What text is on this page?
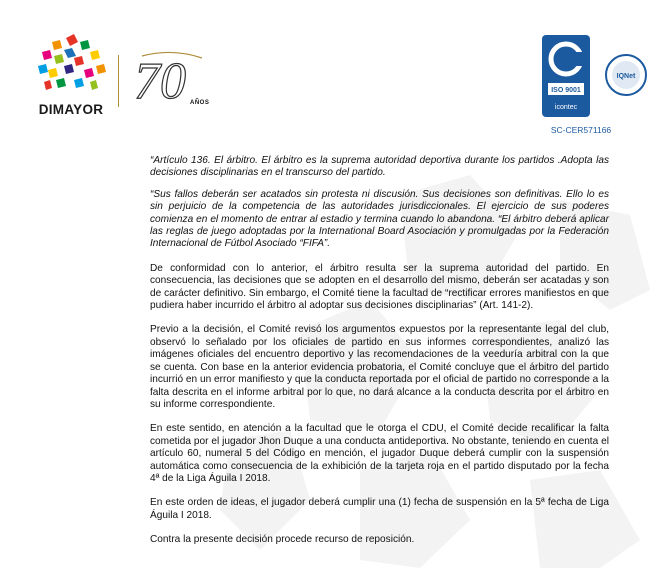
DIMAYOR 70 AÑOS
ISO 9001
icontec
IQNet
SC-CER571166

“Artículo 136. El árbitro. El árbitro es la suprema autoridad deportiva durante los partidos .Adopta las decisiones disciplinarias en el transcurso del partido.

“Sus fallos deberán ser acatados sin protesta ni discusión. Sus decisiones son definitivas. Ello lo es sin perjuicio de la competencia de las autoridades jurisdiccionales. El ejercicio de sus poderes comienza en el momento de entrar al estadio y termina cuando lo abandona. “El árbitro deberá aplicar las reglas de juego adoptadas por la International Board Asociación y promulgadas por la Federación Internacional de Fútbol Asociado “FIFA”.

De conformidad con lo anterior, el árbitro resulta ser la suprema autoridad del partido. En consecuencia, las decisiones que se adopten en el desarrollo del mismo, deberán ser acatadas y son de carácter definitivo. Sin embargo, el Comité tiene la facultad de “rectificar errores manifiestos en que pudiera haber incurrido el árbitro al adoptar sus decisiones disciplinarias” (Art. 141-2).

Previo a la decisión, el Comité revisó los argumentos expuestos por la representante legal del club, observó lo señalado por los oficiales de partido en sus informes correspondientes, analizó las imágenes oficiales del encuentro deportivo y las recomendaciones de la veeduría arbitral con la que se cuenta. Con base en la anterior evidencia probatoria, el Comité concluye que el árbitro del partido incurrió en un error manifiesto y que la conducta reportada por el oficial de partido no corresponde a la falta descrita en el informe arbitral por lo que, no dará alcance a la conducta descrita por el árbitro en su informe correspondiente.

En este sentido, en atención a la facultad que le otorga el CDU, el Comité decide recalificar la falta cometida por el jugador Jhon Duque a una conducta antideportiva. No obstante, teniendo en cuenta el artículo 60, numeral 5 del Código en mención, el jugador Duque deberá cumplir con la suspensión automática como consecuencia de la exhibición de la tarjeta roja en el partido disputado por la fecha 4ª de la Liga Águila I 2018.

En este orden de ideas, el jugador deberá cumplir una (1) fecha de suspensión en la 5ª fecha de Liga Águila I 2018.

Contra la presente decisión procede recurso de reposición.
